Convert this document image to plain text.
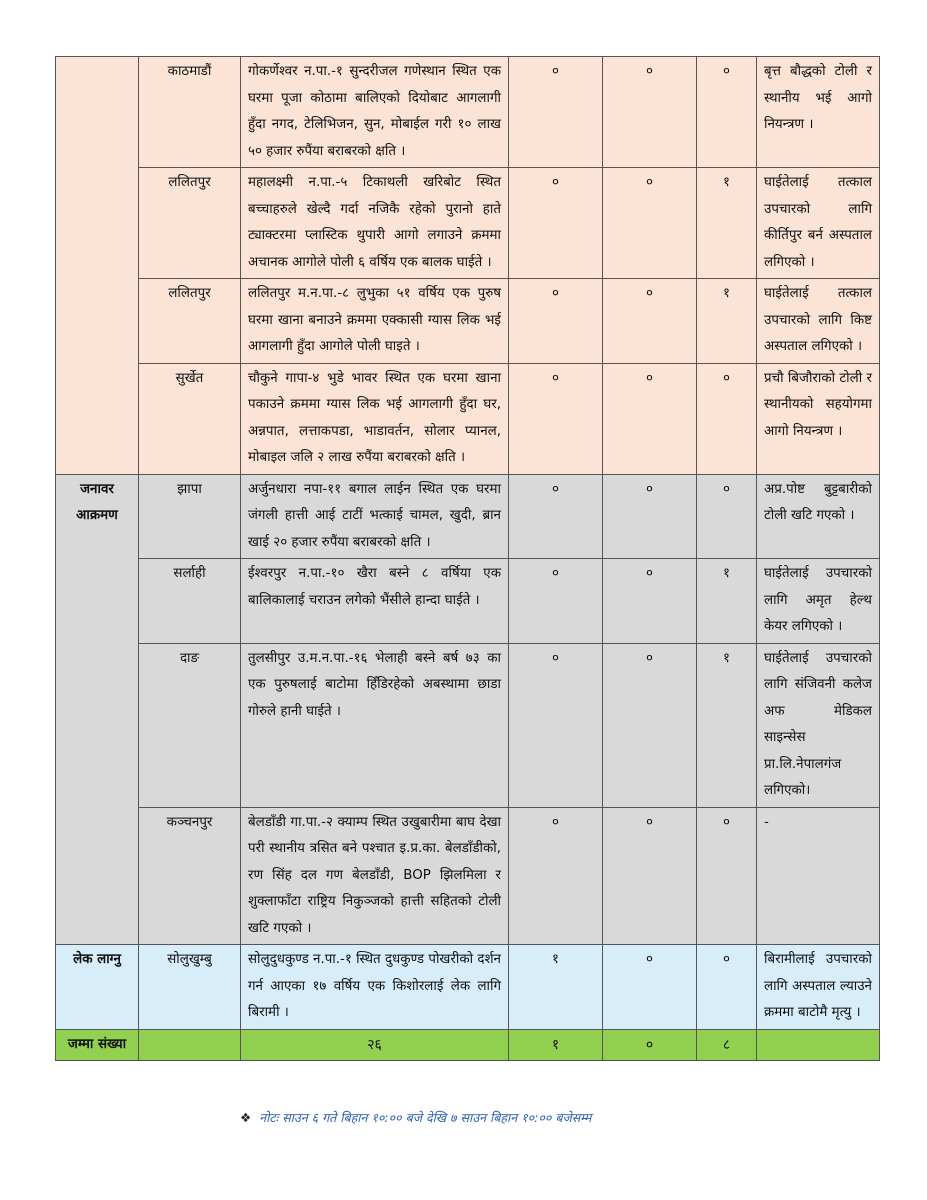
	काठमाडौं	गोकर्णेश्वर न.पा.-१ सुन्दरीजल गणेस्थान स्थित एक घरमा पूजा कोठामा बालिएको दियोबाट आगलागी हुँदा नगद, टेलिभिजन, सुन, मोबाईल गरी १० लाख ५० हजार रुपैंया बराबरको क्षति ।	०	०	०	बृत्त बौद्धको टोली र स्थानीय भई आगो नियन्त्रण ।
	ललितपुर	महालक्ष्मी न.पा.-५ टिकाथली खरिबोट स्थित बच्चाहरुले खेल्दै गर्दा नजिकै रहेको पुरानो हाते ट्याक्टरमा प्लास्टिक थुपारी आगो लगाउने क्रममा अचानक आगोले पोली ६ वर्षिय एक बालक घाईते ।	०	०	१	घाईतेलाई तत्काल उपचारको लागि कीर्तिपुर बर्न अस्पताल लगिएको ।
	ललितपुर	ललितपुर म.न.पा.-८ लुभुका ५१ वर्षिय एक पुरुष घरमा खाना बनाउने क्रममा एक्कासी ग्यास लिक भई आगलागी हुँदा आगोले पोली घाइते ।	०	०	१	घाईतेलाई तत्काल उपचारको लागि किष्ट अस्पताल लगिएको ।
	सुर्खेत	चौकुने गापा-४ भुडे भावर स्थित एक घरमा खाना पकाउने क्रममा ग्यास लिक भई आगलागी हुँदा घर, अन्नपात, लत्ताकपडा, भाडावर्तन, सोलार प्यानल, मोबाइल जलि २ लाख रुपैंया बराबरको क्षति ।	०	०	०	प्रचौ बिजौराको टोली र स्थानीयको सहयोगमा आगो नियन्त्रण ।
जनावर आक्रमण	झापा	अर्जुनधारा नपा-११ बगाल लाईन स्थित एक घरमा जंगली हात्ती आई टाटीं भत्काई चामल, खुदी, ब्रान खाई २० हजार रुपैंया बराबरको क्षति ।	०	०	०	अप्र.पोष्ट बुट्टबारीको टोली खटि गएको ।
	सर्लाही	ईश्वरपुर न.पा.-१० खैरा बस्ने ८ वर्षिया एक बालिकालाई चराउन लगेको भैंसीले हान्दा घाईते ।	०	०	१	घाईतेलाई उपचारको लागि अमृत हेल्थ केयर लगिएको ।
	दाङ	तुलसीपुर उ.म.न.पा.-१६ भेलाही बस्ने बर्ष ७३ का एक पुरुषलाई बाटोमा हिँडिरहेको अबस्थामा छाडा गोरुले हानी घाईते ।	०	०	१	घाईतेलाई उपचारको लागि संजिवनी कलेज अफ मेडिकल साइन्सेस प्रा.लि.नेपालगंज लगिएको।
	कञ्चनपुर	बेलडाँडी गा.पा.-२ क्याम्प स्थित उखुबारीमा बाघ देखा परी स्थानीय त्रसित बने पश्चात इ.प्र.का. बेलडाँडीको, रण सिंह दल गण बेलडाँडी, BOP झिलमिला र शुक्लाफाँटा राष्ट्रिय निकुञ्जको हात्ती सहितको टोली खटि गएको ।	०	०	०	-
लेक लाग्नु	सोलुखुम्बु	सोलुदुधकुण्ड न.पा.-१ स्थित दुधकुण्ड पोखरीको दर्शन गर्न आएका १७ वर्षिय एक किशोरलाई लेक लागि बिरामी ।	१	०	०	बिरामीलाई उपचारको लागि अस्पताल ल्याउने क्रममा बाटोमै मृत्यु ।
जम्मा संख्या		२६	१	०	८	
❖ नोटः साउन ६ गते बिहान १०:०० बजे देखि ७ साउन बिहान १०:०० बजेसम्म
